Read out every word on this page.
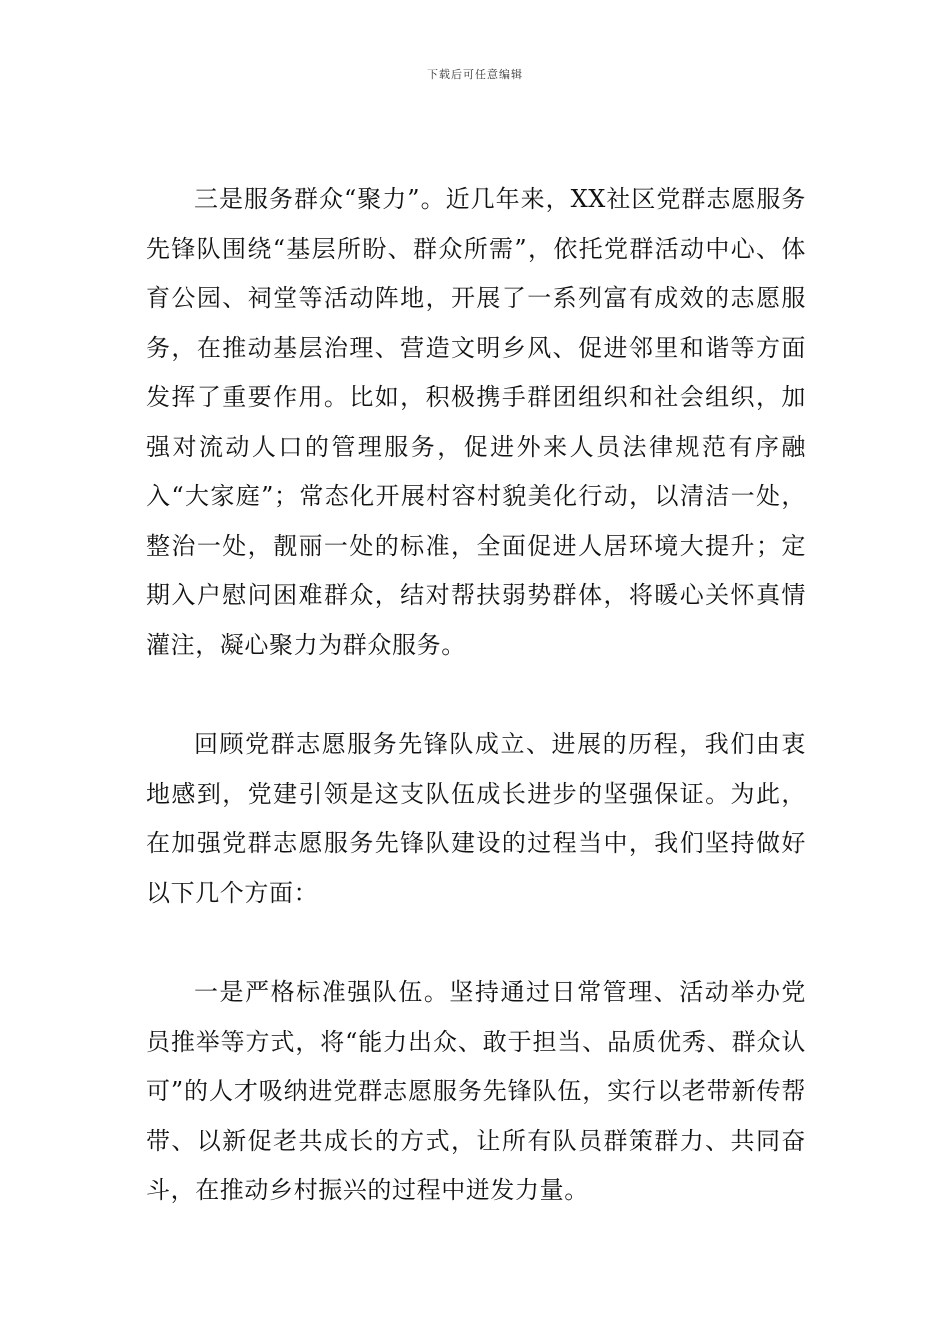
下载后可任意编辑

三是服务群众“聚力”。近几年来，XX社区党群志愿服务先锋队围绕“基层所盼、群众所需”，依托党群活动中心、体育公园、祠堂等活动阵地，开展了一系列富有成效的志愿服务，在推动基层治理、营造文明乡风、促进邻里和谐等方面发挥了重要作用。比如，积极携手群团组织和社会组织，加强对流动人口的管理服务，促进外来人员法律规范有序融入“大家庭”；常态化开展村容村貌美化行动，以清洁一处，整治一处，靓丽一处的标准，全面促进人居环境大提升；定期入户慰问困难群众，结对帮扶弱势群体，将暖心关怀真情灌注，凝心聚力为群众服务。

回顾党群志愿服务先锋队成立、进展的历程，我们由衷地感到，党建引领是这支队伍成长进步的坚强保证。为此，在加强党群志愿服务先锋队建设的过程当中，我们坚持做好以下几个方面：

一是严格标准强队伍。坚持通过日常管理、活动举办党员推举等方式，将“能力出众、敢于担当、品质优秀、群众认可”的人才吸纳进党群志愿服务先锋队伍，实行以老带新传帮带、以新促老共成长的方式，让所有队员群策群力、共同奋斗，在推动乡村振兴的过程中迸发力量。
